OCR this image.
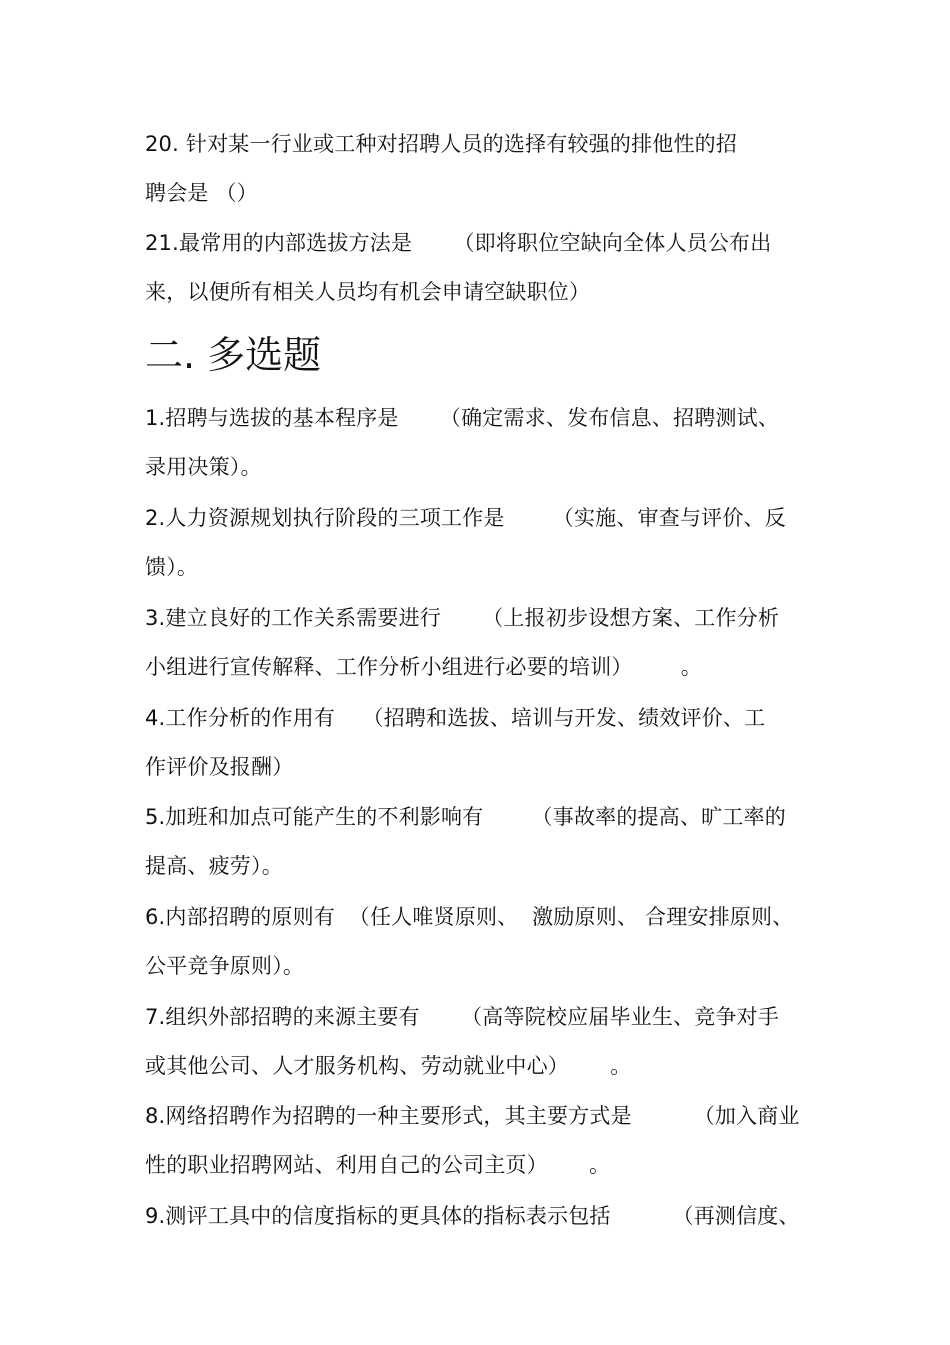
20. 针对某一行业或工种对招聘人员的选择有较强的排他性的招
聘会是 （）
21.最常用的内部选拔方法是      （即将职位空缺向全体人员公布出
来，以便所有相关人员均有机会申请空缺职位）
二. 多选题
1.招聘与选拔的基本程序是      （确定需求、发布信息、招聘测试、
录用决策）。
2.人力资源规划执行阶段的三项工作是       （实施、审查与评价、反
馈）。
3.建立良好的工作关系需要进行      （上报初步设想方案、工作分析
小组进行宣传解释、工作分析小组进行必要的培训）       。
4.工作分析的作用有    （招聘和选拔、培训与开发、绩效评价、工
作评价及报酬）
5.加班和加点可能产生的不利影响有       （事故率的提高、旷工率的
提高、疲劳）。
6.内部招聘的原则有  （任人唯贤原则、  激励原则、 合理安排原则、
公平竞争原则）。
7.组织外部招聘的来源主要有      （高等院校应届毕业生、竞争对手
或其他公司、人才服务机构、劳动就业中心）      。
8.网络招聘作为招聘的一种主要形式，其主要方式是         （加入商业
性的职业招聘网站、利用自己的公司主页）      。
9.测评工具中的信度指标的更具体的指标表示包括         （再测信度、
